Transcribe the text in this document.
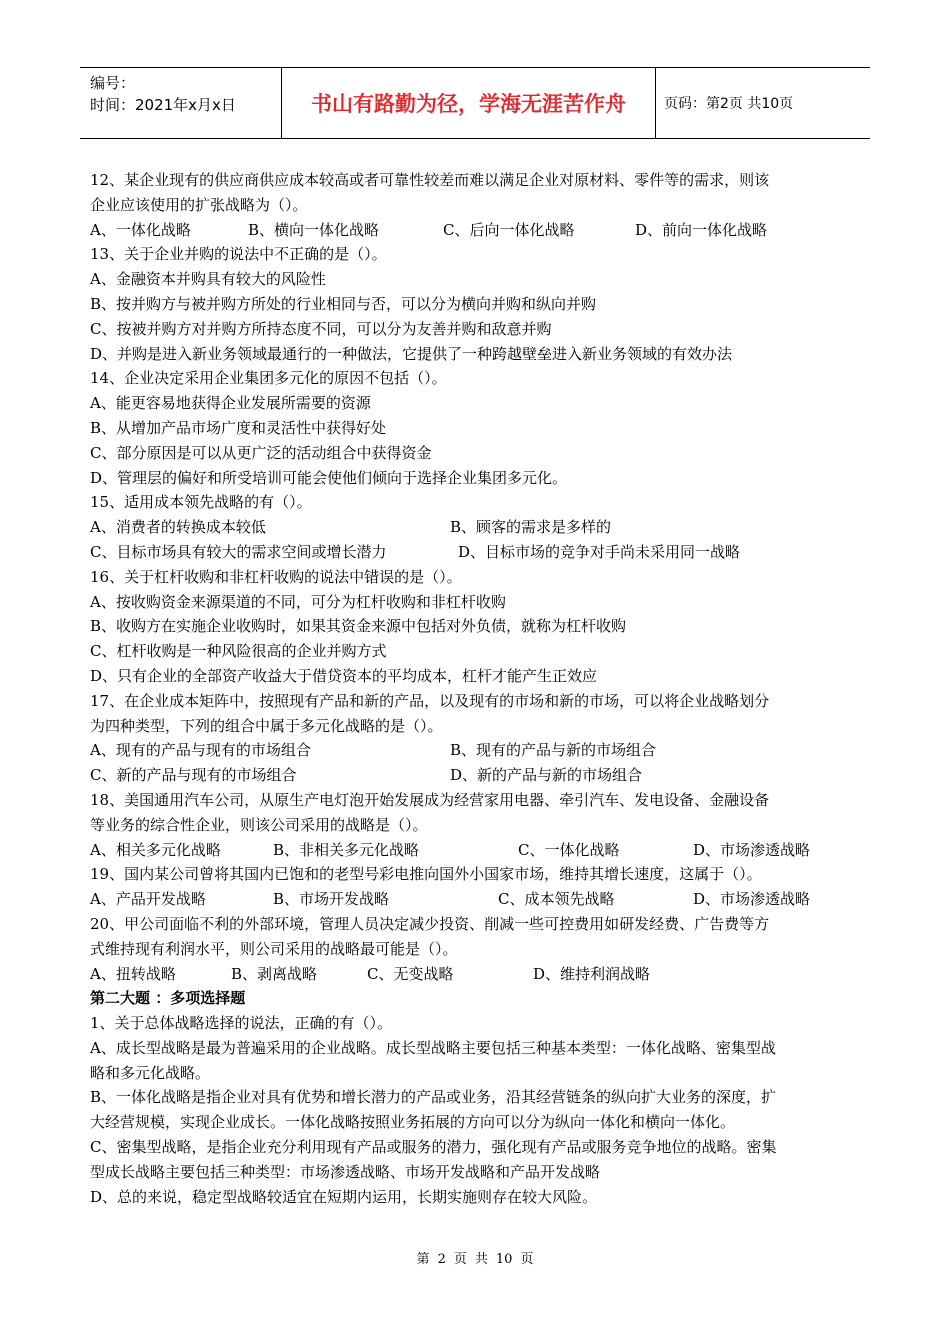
编号：
时间：2021年x月x日	书山有路勤为径，学海无涯苦作舟	页码：第2页 共10页
12、某企业现有的供应商供应成本较高或者可靠性较差而难以满足企业对原材料、零件等的需求，则该
企业应该使用的扩张战略为（）。
A、一体化战略	B、横向一体化战略	C、后向一体化战略	D、前向一体化战略
13、关于企业并购的说法中不正确的是（）。
A、金融资本并购具有较大的风险性
B、按并购方与被并购方所处的行业相同与否，可以分为横向并购和纵向并购
C、按被并购方对并购方所持态度不同，可以分为友善并购和敌意并购
D、并购是进入新业务领域最通行的一种做法，它提供了一种跨越壁垒进入新业务领域的有效办法
14、企业决定采用企业集团多元化的原因不包括（）。
A、能更容易地获得企业发展所需要的资源
B、从增加产品市场广度和灵活性中获得好处
C、部分原因是可以从更广泛的活动组合中获得资金
D、管理层的偏好和所受培训可能会使他们倾向于选择企业集团多元化。
15、适用成本领先战略的有（）。
A、消费者的转换成本较低	B、顾客的需求是多样的
C、目标市场具有较大的需求空间或增长潜力	D、目标市场的竞争对手尚未采用同一战略
16、关于杠杆收购和非杠杆收购的说法中错误的是（）。
A、按收购资金来源渠道的不同，可分为杠杆收购和非杠杆收购
B、收购方在实施企业收购时，如果其资金来源中包括对外负债，就称为杠杆收购
C、杠杆收购是一种风险很高的企业并购方式
D、只有企业的全部资产收益大于借贷资本的平均成本，杠杆才能产生正效应
17、在企业成本矩阵中，按照现有产品和新的产品，以及现有的市场和新的市场，可以将企业战略划分
为四种类型，下列的组合中属于多元化战略的是（）。
A、现有的产品与现有的市场组合	B、现有的产品与新的市场组合
C、新的产品与现有的市场组合	D、新的产品与新的市场组合
18、美国通用汽车公司，从原生产电灯泡开始发展成为经营家用电器、牵引汽车、发电设备、金融设备
等业务的综合性企业，则该公司采用的战略是（）。
A、相关多元化战略	B、非相关多元化战略	C、一体化战略	D、市场渗透战略
19、国内某公司曾将其国内已饱和的老型号彩电推向国外小国家市场，维持其增长速度，这属于（）。
A、产品开发战略	B、市场开发战略	C、成本领先战略	D、市场渗透战略
20、甲公司面临不利的外部环境，管理人员决定减少投资、削减一些可控费用如研发经费、广告费等方
式维持现有利润水平，则公司采用的战略最可能是（）。
A、扭转战略	B、剥离战略	C、无变战略	D、维持利润战略
第二大题 ：多项选择题
1、关于总体战略选择的说法，正确的有（）。
A、成长型战略是最为普遍采用的企业战略。成长型战略主要包括三种基本类型：一体化战略、密集型战
略和多元化战略。
B、一体化战略是指企业对具有优势和增长潜力的产品或业务，沿其经营链条的纵向扩大业务的深度，扩
大经营规模，实现企业成长。一体化战略按照业务拓展的方向可以分为纵向一体化和横向一体化。
C、密集型战略，是指企业充分利用现有产品或服务的潜力，强化现有产品或服务竞争地位的战略。密集
型成长战略主要包括三种类型：市场渗透战略、市场开发战略和产品开发战略
D、总的来说，稳定型战略较适宜在短期内运用，长期实施则存在较大风险。
第 2 页 共 10 页
